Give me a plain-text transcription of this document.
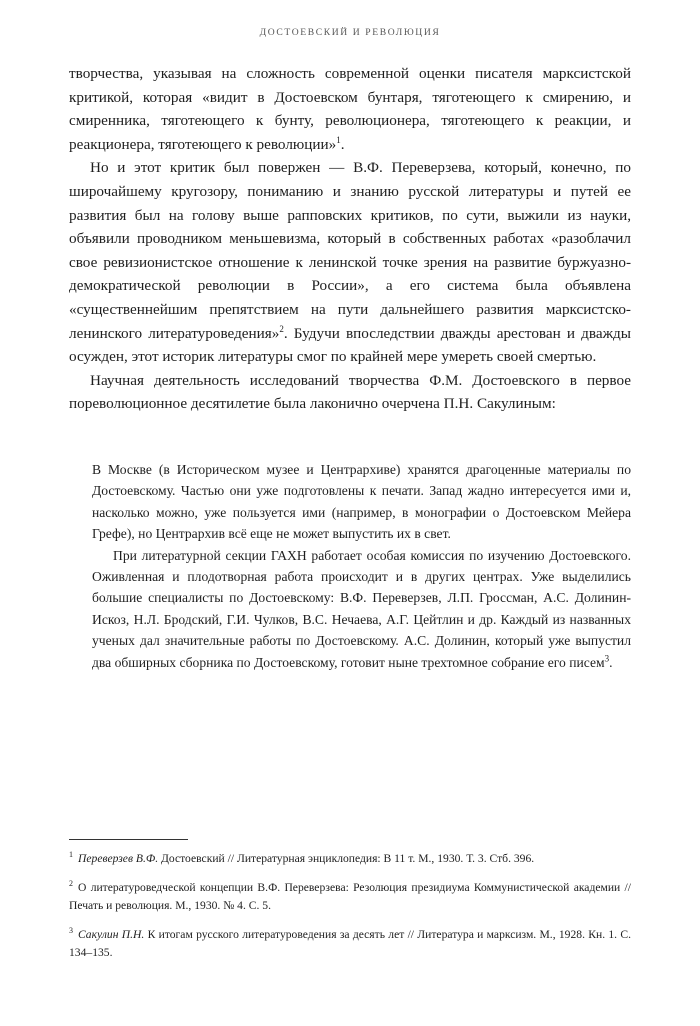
ДОСТОЕВСКИЙ И РЕВОЛЮЦИЯ

творчества, указывая на сложность современной оценки писателя марксистской критикой, которая «видит в Достоевском бунтаря, тяготеющего к смирению, и смиренника, тяготеющего к бунту, революционера, тяготеющего к реакции, и реакционера, тяготеющего к революции»$^1$.

Но и этот критик был повержен — В.Ф. Переверзева, который, конечно, по широчайшему кругозору, пониманию и знанию русской литературы и путей ее развития был на голову выше рапповских критиков, по сути, выжили из науки, объявили проводником меньшевизма, который в собственных работах «разоблачил свое ревизионистское отношение к ленинской точке зрения на развитие буржуазно-демократической революции в России», а его система была объявлена «существеннейшим препятствием на пути дальнейшего развития марксистско-ленинского литературоведения»$^2$. Будучи впоследствии дважды арестован и дважды осужден, этот историк литературы смог по крайней мере умереть своей смертью.

Научная деятельность исследований творчества Ф.М. Достоевского в первое пореволюционное десятилетие была лаконично очерчена П.Н. Сакулиным:

В Москве (в Историческом музее и Центрархиве) хранятся драгоценные материалы по Достоевскому. Частью они уже подготовлены к печати. Запад жадно интересуется ими и, насколько можно, уже пользуется ими (например, в монографии о Достоевском Мейера Грефе), но Центрархив всё еще не может выпустить их в свет.

При литературной секции ГАХН работает особая комиссия по изучению Достоевского. Оживленная и плодотворная работа происходит и в других центрах. Уже выделились большие специалисты по Достоевскому: В.Ф. Переверзев, Л.П. Гроссман, А.С. Долинин-Искоз, Н.Л. Бродский, Г.И. Чулков, В.С. Нечаева, А.Г. Цейтлин и др. Каждый из названных ученых дал значительные работы по Достоевскому. А.С. Долинин, который уже выпустил два обширных сборника по Достоевскому, готовит ныне трехтомное собрание его писем$^3$.

$^1$ Переверзев В.Ф. Достоевский // Литературная энциклопедия: В 11 т. М., 1930. Т. 3. Стб. 396.

$^2$ О литературоведческой концепции В.Ф. Переверзева: Резолюция президиума Коммунистической академии // Печать и революция. М., 1930. № 4. С. 5.

$^3$ Сакулин П.Н. К итогам русского литературоведения за десять лет // Литература и марксизм. М., 1928. Кн. 1. С. 134–135.
